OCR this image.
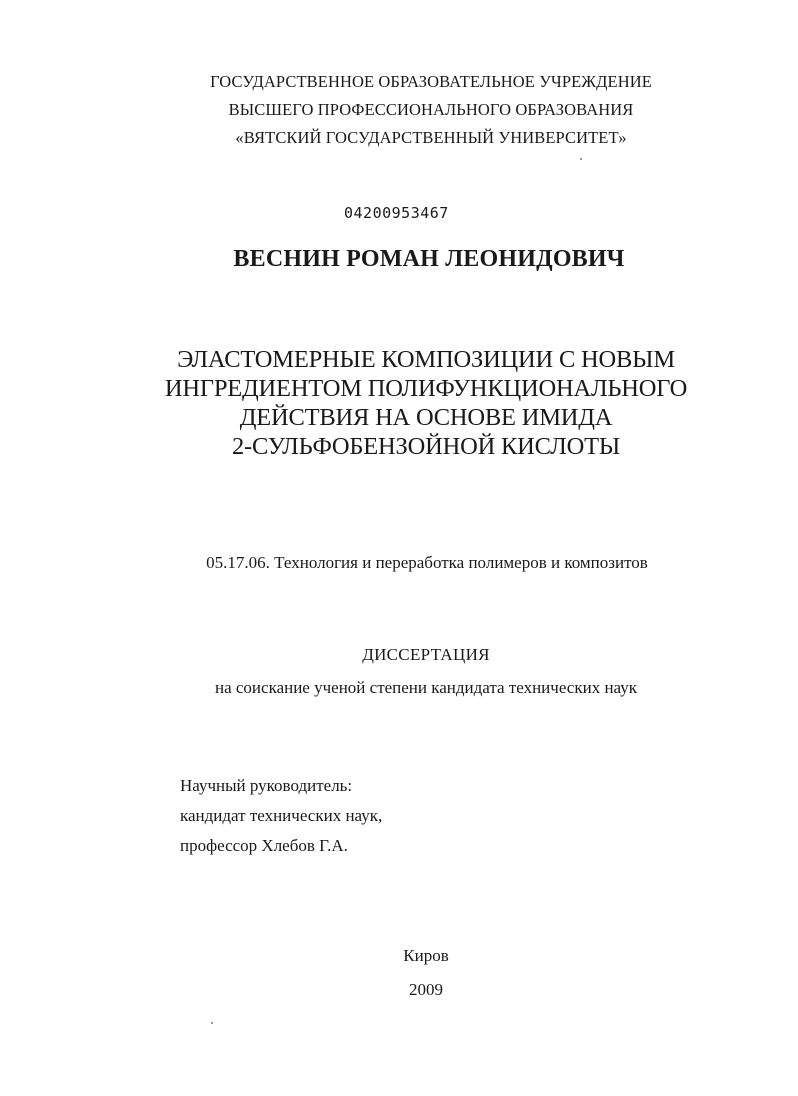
ГОСУДАРСТВЕННОЕ ОБРАЗОВАТЕЛЬНОЕ УЧРЕЖДЕНИЕ
ВЫСШЕГО ПРОФЕССИОНАЛЬНОГО ОБРАЗОВАНИЯ
«ВЯТСКИЙ ГОСУДАРСТВЕННЫЙ УНИВЕРСИТЕТ»
04200953467
ВЕСНИН РОМАН ЛЕОНИДОВИЧ
ЭЛАСТОМЕРНЫЕ КОМПОЗИЦИИ С НОВЫМ
ИНГРЕДИЕНТОМ ПОЛИФУНКЦИОНАЛЬНОГО
ДЕЙСТВИЯ НА ОСНОВЕ ИМИДА
2-СУЛЬФОБЕНЗОЙНОЙ КИСЛОТЫ
05.17.06. Технология и переработка полимеров и композитов
ДИССЕРТАЦИЯ
на соискание ученой степени кандидата технических наук
Научный руководитель:
кандидат технических наук,
профессор Хлебов Г.А.
Киров
2009
